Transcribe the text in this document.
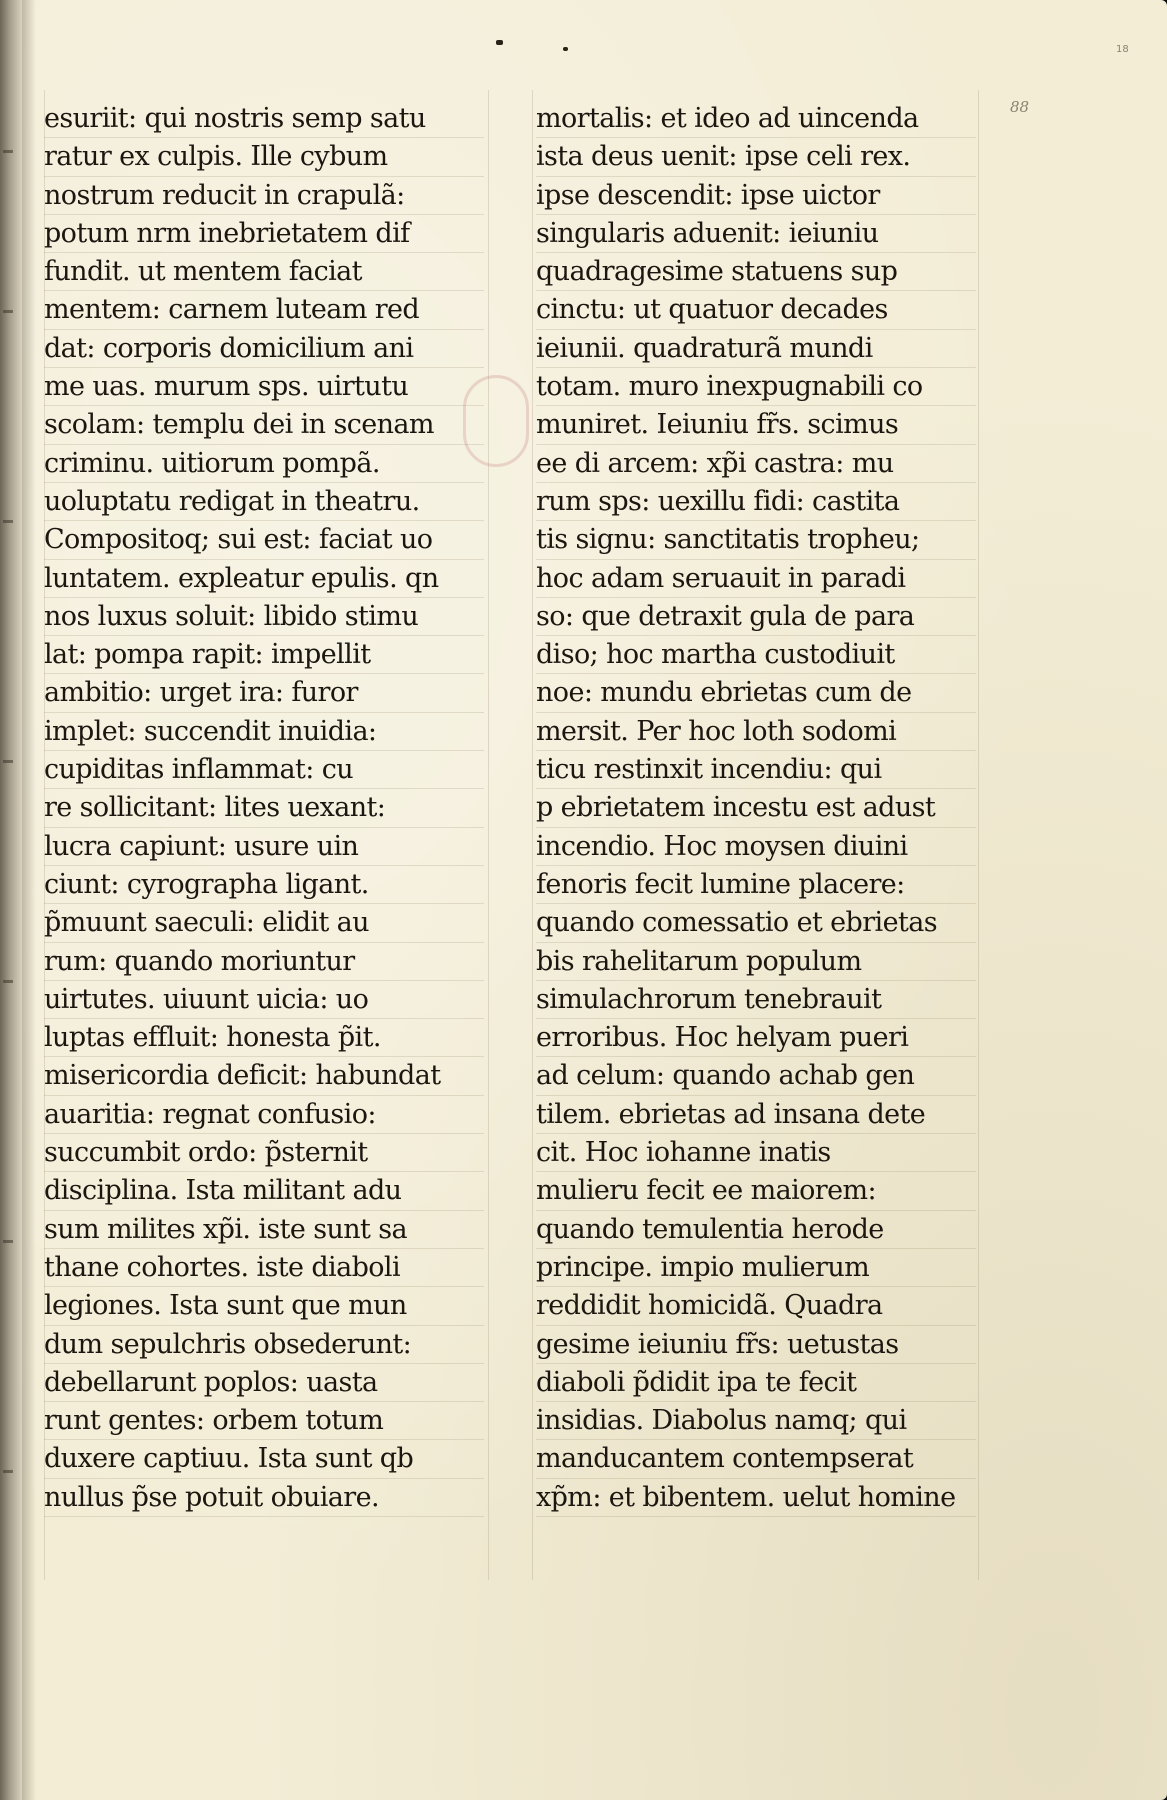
18
88
esuriit: qui nostris semp satu
ratur ex culpis. Ille cybum
nostrum reducit in crapulã:
potum nrm inebrietatem dif
fundit. ut mentem faciat
mentem: carnem luteam red
dat: corporis domicilium ani
me uas. murum sps. uirtutu
scolam: templu dei in scenam
criminu. uitiorum pompã.
uoluptatu redigat in theatru.
Compositoq; sui est: faciat uo
luntatem. expleatur epulis. qn
nos luxus soluit: libido stimu
lat: pompa rapit: impellit
ambitio: urget ira: furor
implet: succendit inuidia:
cupiditas inflammat: cu
re sollicitant: lites uexant:
lucra capiunt: usure uin
ciunt: cyrographa ligant.
p̃muunt saeculi: elidit au
rum: quando moriuntur
uirtutes. uiuunt uicia: uo
luptas effluit: honesta p̃it.
misericordia deficit: habundat
auaritia: regnat confusio:
succumbit ordo: p̃sternit
disciplina. Ista militant adu
sum milites xp̃i. iste sunt sa
thane cohortes. iste diaboli
legiones. Ista sunt que mun
dum sepulchris obsederunt:
debellarunt poplos: uasta
runt gentes: orbem totum
duxere captiuu. Ista sunt qb
nullus p̃se potuit obuiare.
mortalis: et ideo ad uincenda
ista deus uenit: ipse celi rex.
ipse descendit: ipse uictor
singularis aduenit: ieiuniu
quadragesime statuens sup
cinctu: ut quatuor decades
ieiunii. quadraturã mundi
totam. muro inexpugnabili co
muniret. Ieiuniu fr̃s. scimus
ee di arcem: xp̃i castra: mu
rum sps: uexillu fidi: castita
tis signu: sanctitatis tropheu;
hoc adam seruauit in paradi
so: que detraxit gula de para
diso; hoc martha custodiuit
noe: mundu ebrietas cum de
mersit. Per hoc loth sodomi
ticu restinxit incendiu: qui
p ebrietatem incestu est adust
incendio. Hoc moysen diuini
fenoris fecit lumine placere:
quando comessatio et ebrietas
bis rahelitarum populum
simulachrorum tenebrauit
erroribus. Hoc helyam pueri
ad celum: quando achab gen
tilem. ebrietas ad insana dete
cit. Hoc iohanne inatis
mulieru fecit ee maiorem:
quando temulentia herode
principe. impio mulierum
reddidit homicidã. Quadra
gesime ieiuniu fr̃s: uetustas
diaboli p̃didit ipa te fecit
insidias. Diabolus namq; qui
manducantem contempserat
xp̃m: et bibentem. uelut homine
